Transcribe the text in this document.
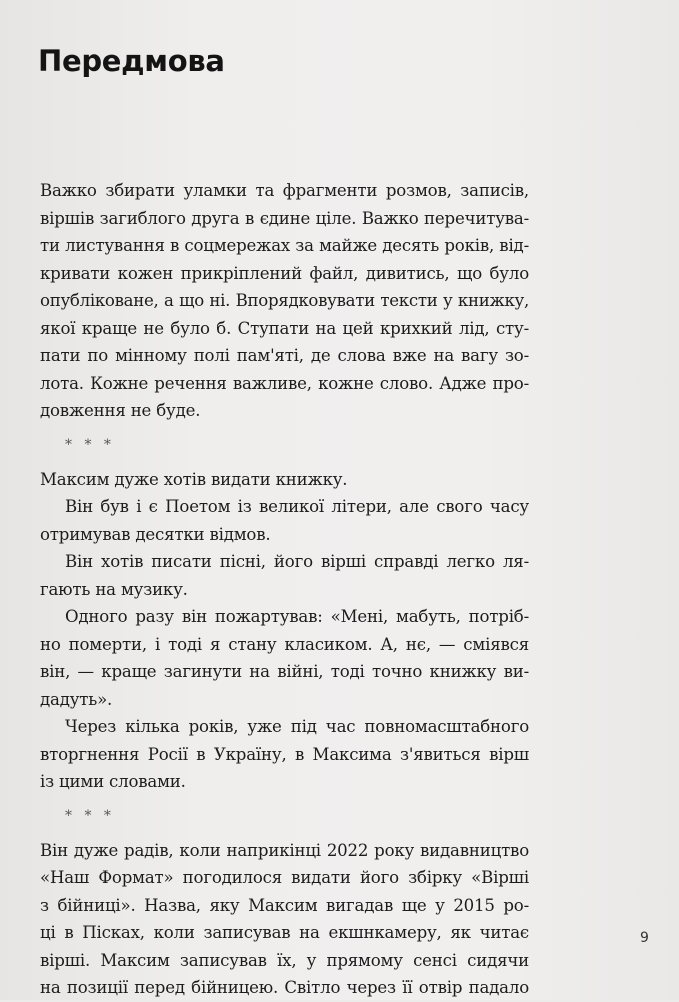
Передмова
Важко збирати уламки та фрагменти розмов, записів,
віршів загиблого друга в єдине ціле. Важко перечитува-
ти листування в соцмережах за майже десять років, від-
кривати кожен прикріплений файл, дивитись, що було
опубліковане, а що ні. Впорядковувати тексти у книжку,
якої краще не було б. Ступати на цей крихкий лід, сту-
пати по мінному полі пам'яті, де слова вже на вагу зо-
лота. Кожне речення важливе, кожне слово. Адже про-
довження не буде.
* * *
Максим дуже хотів видати книжку.
Він був і є Поетом із великої літери, але свого часу
отримував десятки відмов.
Він хотів писати пісні, його вірші справді легко ля-
гають на музику.
Одного разу він пожартував: «Мені, мабуть, потріб-
но померти, і тоді я стану класиком. А, нє, — сміявся
він, — краще загинути на війні, тоді точно книжку ви-
дадуть».
Через кілька років, уже під час повномасштабного
вторгнення Росії в Україну, в Максима з'явиться вірш
із цими словами.
* * *
Він дуже радів, коли наприкінці 2022 року видавництво
«Наш Формат» погодилося видати його збірку «Вірші
з бійниці». Назва, яку Максим вигадав ще у 2015 ро-
ці в Пісках, коли записував на екшнкамеру, як читає
вірші. Максим записував їх, у прямому сенсі сидячи
на позиції перед бійницею. Світло через її отвір падало
9
